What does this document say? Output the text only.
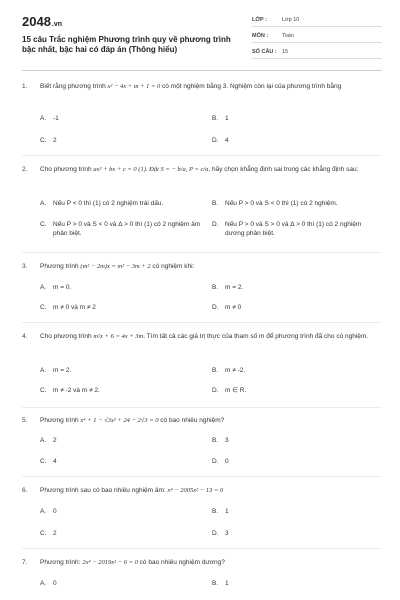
2048.vn
15 câu Trắc nghiệm Phương trình quy về phương trình bậc nhất, bậc hai có đáp án (Thông hiểu)
LỚP :	Lớp 10
MÔN :	Toán
SỐ CÂU : 15
1. Biết rằng phương trình x² − 4x + m + 1 = 0 có một nghiệm bằng 3. Nghiệm còn lại của phương trình bằng
A. -1	B. 1
C. 2	D. 4
2. Cho phương trình ax² + bx + c = 0 (1). Đặt S = − b/a, P = c/a, hãy chọn khẳng định sai trong các khẳng định sau:
A. Nếu P < 0 thì (1) có 2 nghiệm trái dấu.	B. Nếu P > 0 và S < 0 thì (1) có 2 nghiệm.
C. Nếu P > 0 và S < 0 và Δ > 0 thì (1) có 2 nghiệm âm phân biệt.
D. Nếu P > 0 và S > 0 và Δ > 0 thì (1) có 2 nghiệm dương phân biệt.
3. Phương trình (m² − 2m)x = m² − 3m + 2 có nghiệm khi:
A. m = 0.	B. m = 2.
C. m ≠ 0 và m ≠ 2	D. m ≠ 0
4. Cho phương trình m²x + 6 = 4x + 3m. Tìm tất cả các giá trị thực của tham số m để phương trình đã cho có nghiệm.
A. m = 2.	B. m ≠ -2.
C. m ≠ -2 và m ≠ 2.	D. m ∈ R.
5. Phương trình x⁴ + 1 − √3x² + 24 − 2√3 = 0 có bao nhiêu nghiệm?
A. 2	B. 3
C. 4	D. 0
6. Phương trình sau có bao nhiêu nghiệm âm: x⁴ − 2005x² − 13 = 0
A. 0	B. 1
C. 2	D. 3
7. Phương trình: 2x⁴ − 2019x² − 6 = 0 có bao nhiêu nghiệm dương?
A. 0	B. 1
